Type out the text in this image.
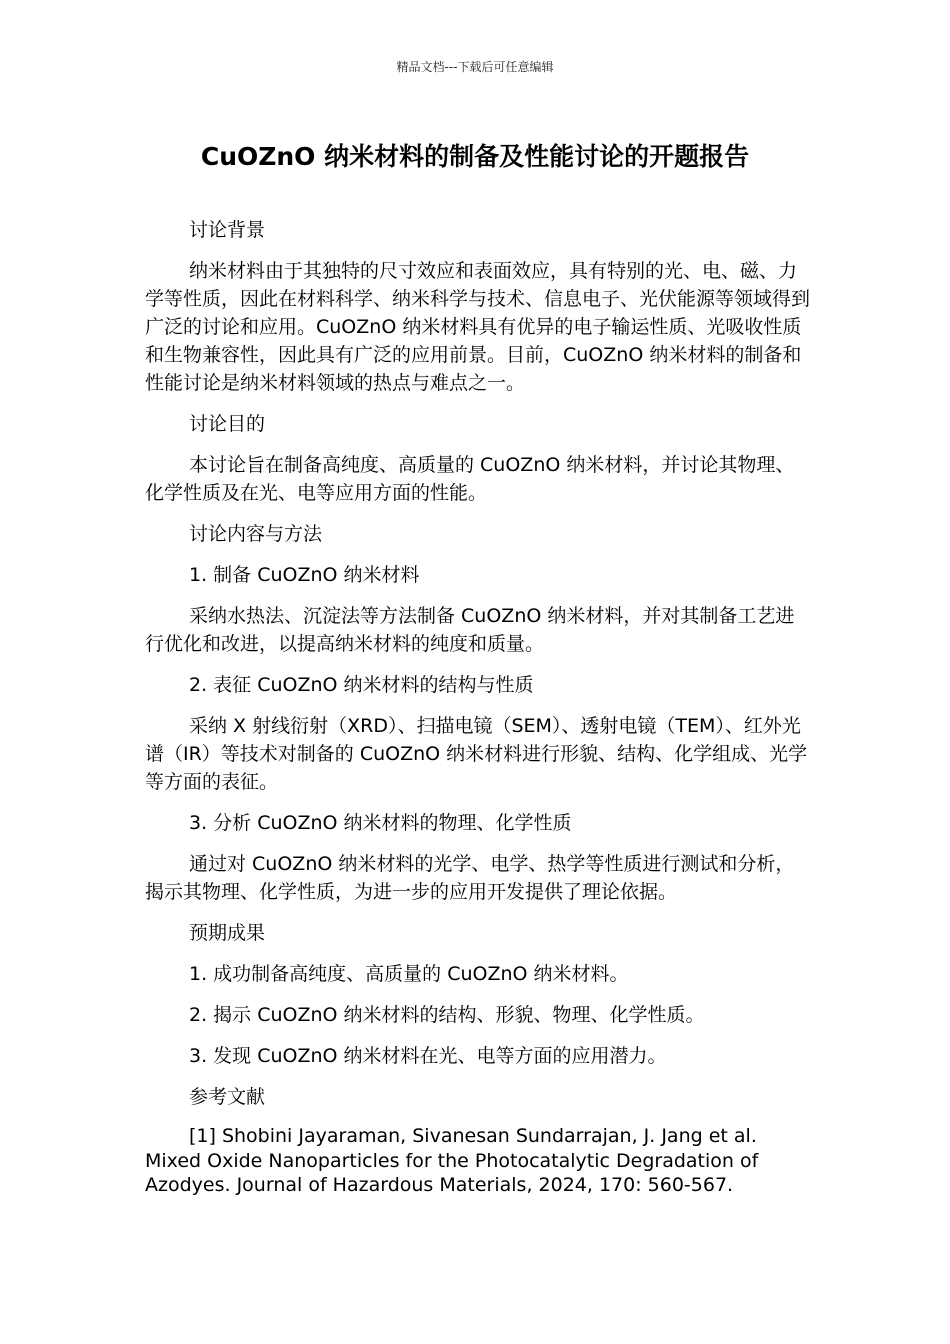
精品文档---下载后可任意编辑
CuOZnO 纳米材料的制备及性能讨论的开题报告

讨论背景

纳米材料由于其独特的尺寸效应和表面效应，具有特别的光、电、磁、力学等性质，因此在材料科学、纳米科学与技术、信息电子、光伏能源等领域得到广泛的讨论和应用。CuOZnO 纳米材料具有优异的电子输运性质、光吸收性质和生物兼容性，因此具有广泛的应用前景。目前，CuOZnO 纳米材料的制备和性能讨论是纳米材料领域的热点与难点之一。

讨论目的

本讨论旨在制备高纯度、高质量的 CuOZnO 纳米材料，并讨论其物理、化学性质及在光、电等应用方面的性能。

讨论内容与方法

1. 制备 CuOZnO 纳米材料

采纳水热法、沉淀法等方法制备 CuOZnO 纳米材料，并对其制备工艺进行优化和改进，以提高纳米材料的纯度和质量。

2. 表征 CuOZnO 纳米材料的结构与性质

采纳 X 射线衍射（XRD）、扫描电镜（SEM）、透射电镜（TEM）、红外光谱（IR）等技术对制备的 CuOZnO 纳米材料进行形貌、结构、化学组成、光学等方面的表征。

3. 分析 CuOZnO 纳米材料的物理、化学性质

通过对 CuOZnO 纳米材料的光学、电学、热学等性质进行测试和分析，揭示其物理、化学性质，为进一步的应用开发提供了理论依据。

预期成果

1. 成功制备高纯度、高质量的 CuOZnO 纳米材料。

2. 揭示 CuOZnO 纳米材料的结构、形貌、物理、化学性质。

3. 发现 CuOZnO 纳米材料在光、电等方面的应用潜力。

参考文献

[1] Shobini Jayaraman, Sivanesan Sundarrajan, J. Jang et al. Mixed Oxide Nanoparticles for the Photocatalytic Degradation of Azodyes. Journal of Hazardous Materials, 2024, 170: 560-567.
